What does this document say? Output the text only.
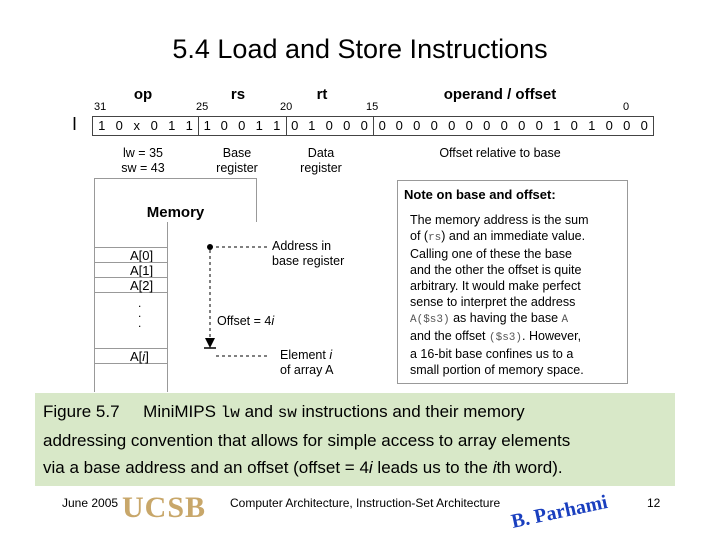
5.4 Load and Store Instructions
op	rs	rt	operand / offset
31	25	20	15	0
I	1 0 x 0 1 1 1 0 0 1 1 0 1 0 0 0 0 0 0 0 0 0 0 0 0 0 1 0 1 0 0 0
lw = 35
sw = 43
Base
register
Data
register
Offset relative to base
Memory
A[0]
A[1]
A[2]
.
.
.
A[i]
Address in
base register
Offset = 4i
Element i
of array A
Note on base and offset:
The memory address is the sum
of (rs) and an immediate value.
Calling one of these the base
and the other the offset is quite
arbitrary. It would make perfect
sense to interpret the address
A($s3) as having the base A
and the offset ($s3). However,
a 16-bit base confines us to a
small portion of memory space.
Figure 5.7 MiniMIPS lw and sw instructions and their memory
addressing convention that allows for simple access to array elements
via a base address and an offset (offset = 4i leads us to the ith word).
June 2005 UCSB	Computer Architecture, Instruction-Set Architecture B. Parhami	12
